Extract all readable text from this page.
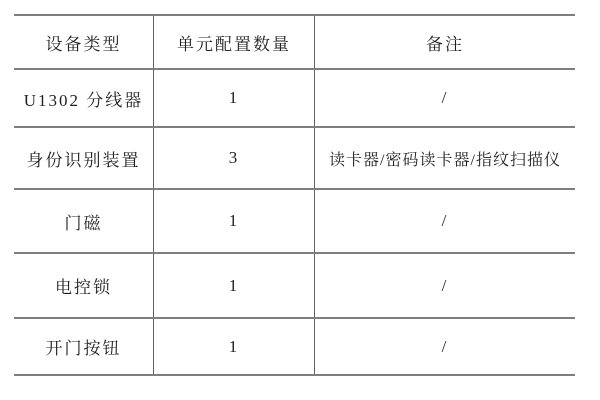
设备类型	单元配置数量	备注
U1302 分线器	1	/
身份识别装置	3	读卡器/密码读卡器/指纹扫描仪
门磁	1	/
电控锁	1	/
开门按钮	1	/
